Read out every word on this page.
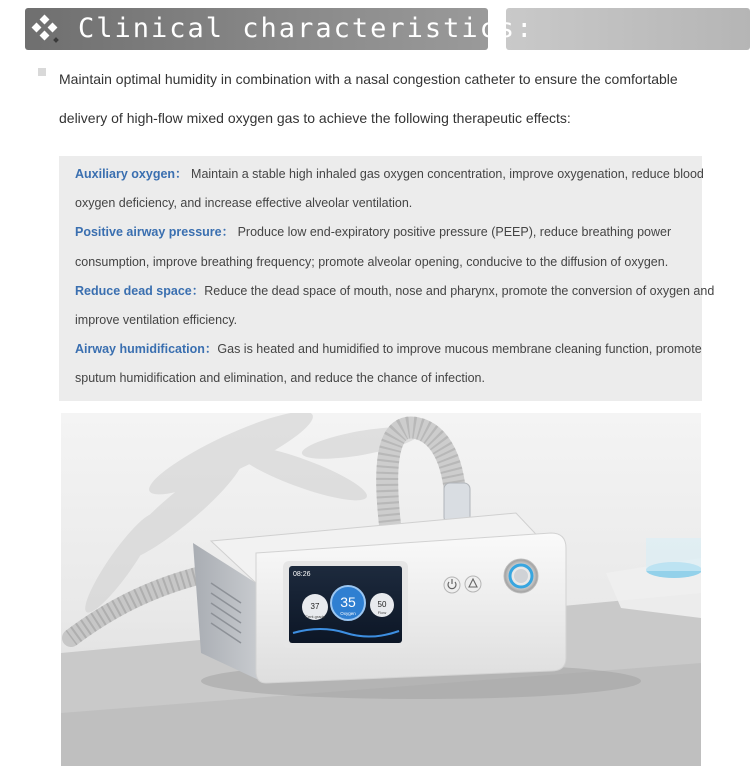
Clinical characteristics:
Maintain optimal humidity in combination with a nasal congestion catheter to ensure the comfortable
delivery of high-flow mixed oxygen gas to achieve the following therapeutic effects:
Auxiliary oxygen： Maintain a stable high inhaled gas oxygen concentration, improve oxygenation, reduce blood
oxygen deficiency, and increase effective alveolar ventilation.
Positive airway pressure： Produce low end-expiratory positive pressure (PEEP), reduce breathing power
consumption, improve breathing frequency; promote alveolar opening, conducive to the diffusion of oxygen.
Reduce dead space：Reduce the dead space of mouth, nose and pharynx, promote the conversion of oxygen and
improve ventilation efficiency.
Airway humidification：Gas is heated and humidified to improve mucous membrane cleaning function, promote
sputum humidification and elimination, and reduce the chance of infection.
08:26
37
Cent.grade
35
Oxygen
50
Flow
